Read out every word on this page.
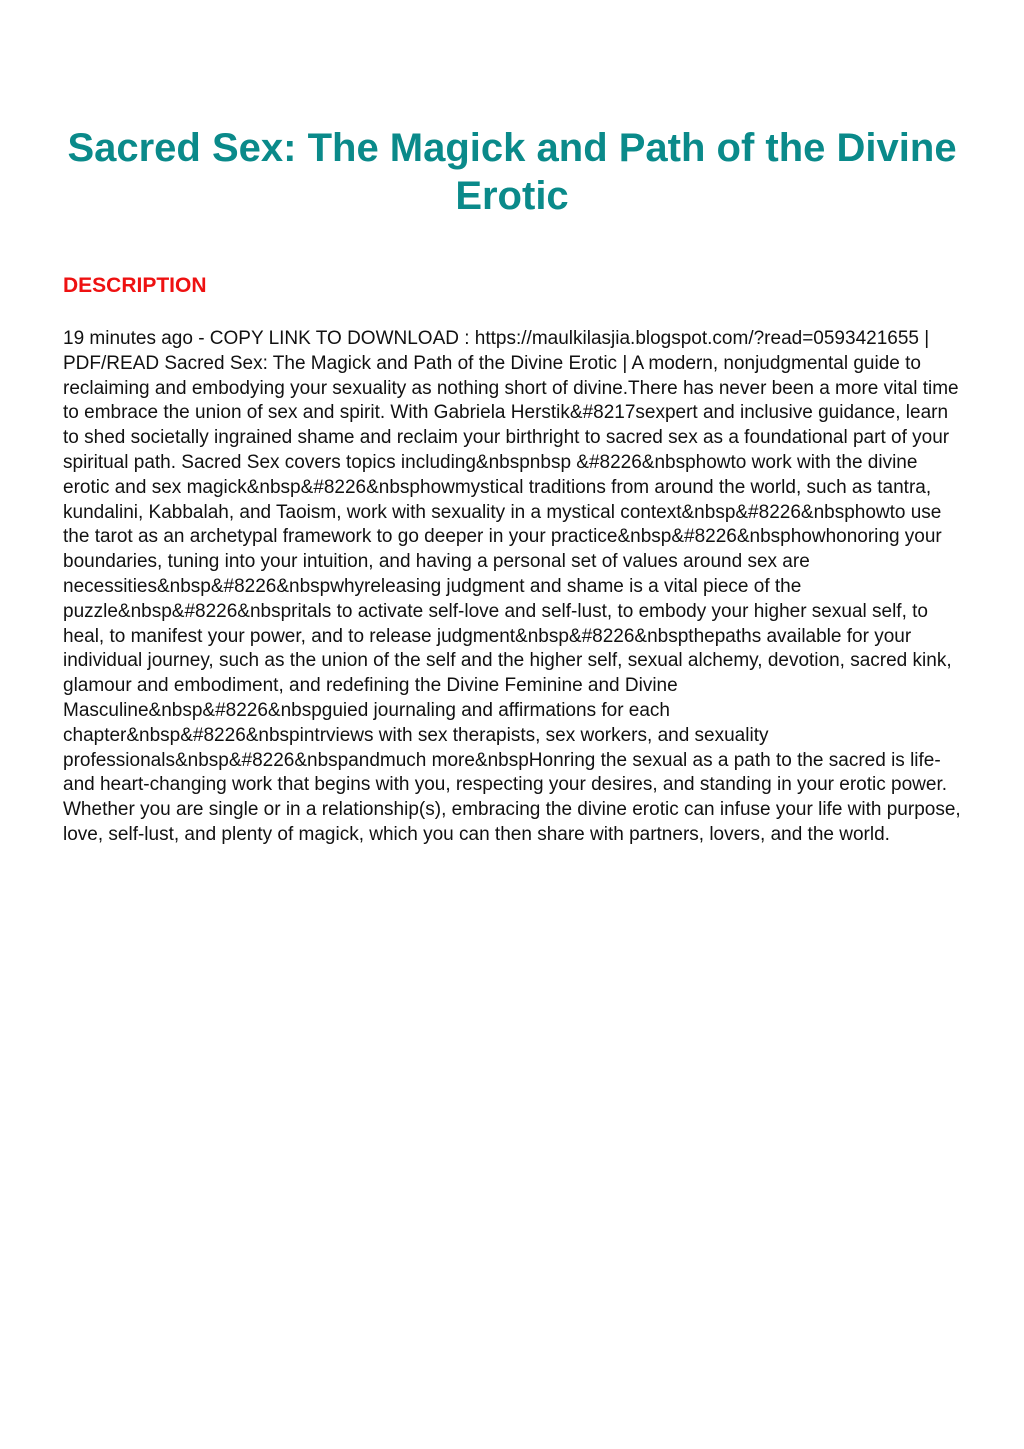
Sacred Sex: The Magick and Path of the Divine Erotic
DESCRIPTION

19 minutes ago - COPY LINK TO DOWNLOAD : https://maulkilasjia.blogspot.com/?read=0593421655 | PDF/READ Sacred Sex: The Magick and Path of the Divine Erotic | A modern, nonjudgmental guide to reclaiming and embodying your sexuality as nothing short of divine.There has never been a more vital time to embrace the union of sex and spirit. With Gabriela Herstik&#8217sexpert and inclusive guidance, learn to shed societally ingrained shame and reclaim your birthright to sacred sex as a foundational part of your spiritual path. Sacred Sex covers topics including&nbspnbsp &#8226&nbsphowto work with the divine erotic and sex magick&nbsp&#8226&nbsphowmystical traditions from around the world, such as tantra, kundalini, Kabbalah, and Taoism, work with sexuality in a mystical context&nbsp&#8226&nbsphowto use the tarot as an archetypal framework to go deeper in your practice&nbsp&#8226&nbsphowhonoring your boundaries, tuning into your intuition, and having a personal set of values around sex are necessities&nbsp&#8226&nbspwhyreleasing judgment and shame is a vital piece of the puzzle&nbsp&#8226&nbspritals to activate self-love and self-lust, to embody your higher sexual self, to heal, to manifest your power, and to release judgment&nbsp&#8226&nbspthepaths available for your individual journey, such as the union of the self and the higher self, sexual alchemy, devotion, sacred kink, glamour and embodiment, and redefining the Divine Feminine and Divine Masculine&nbsp&#8226&nbspguied journaling and affirmations for each chapter&nbsp&#8226&nbspintrviews with sex therapists, sex workers, and sexuality professionals&nbsp&#8226&nbspandmuch more&nbspHonring the sexual as a path to the sacred is life- and heart-changing work that begins with you, respecting your desires, and standing in your erotic power. Whether you are single or in a relationship(s), embracing the divine erotic can infuse your life with purpose, love, self-lust, and plenty of magick, which you can then share with partners, lovers, and the world.
